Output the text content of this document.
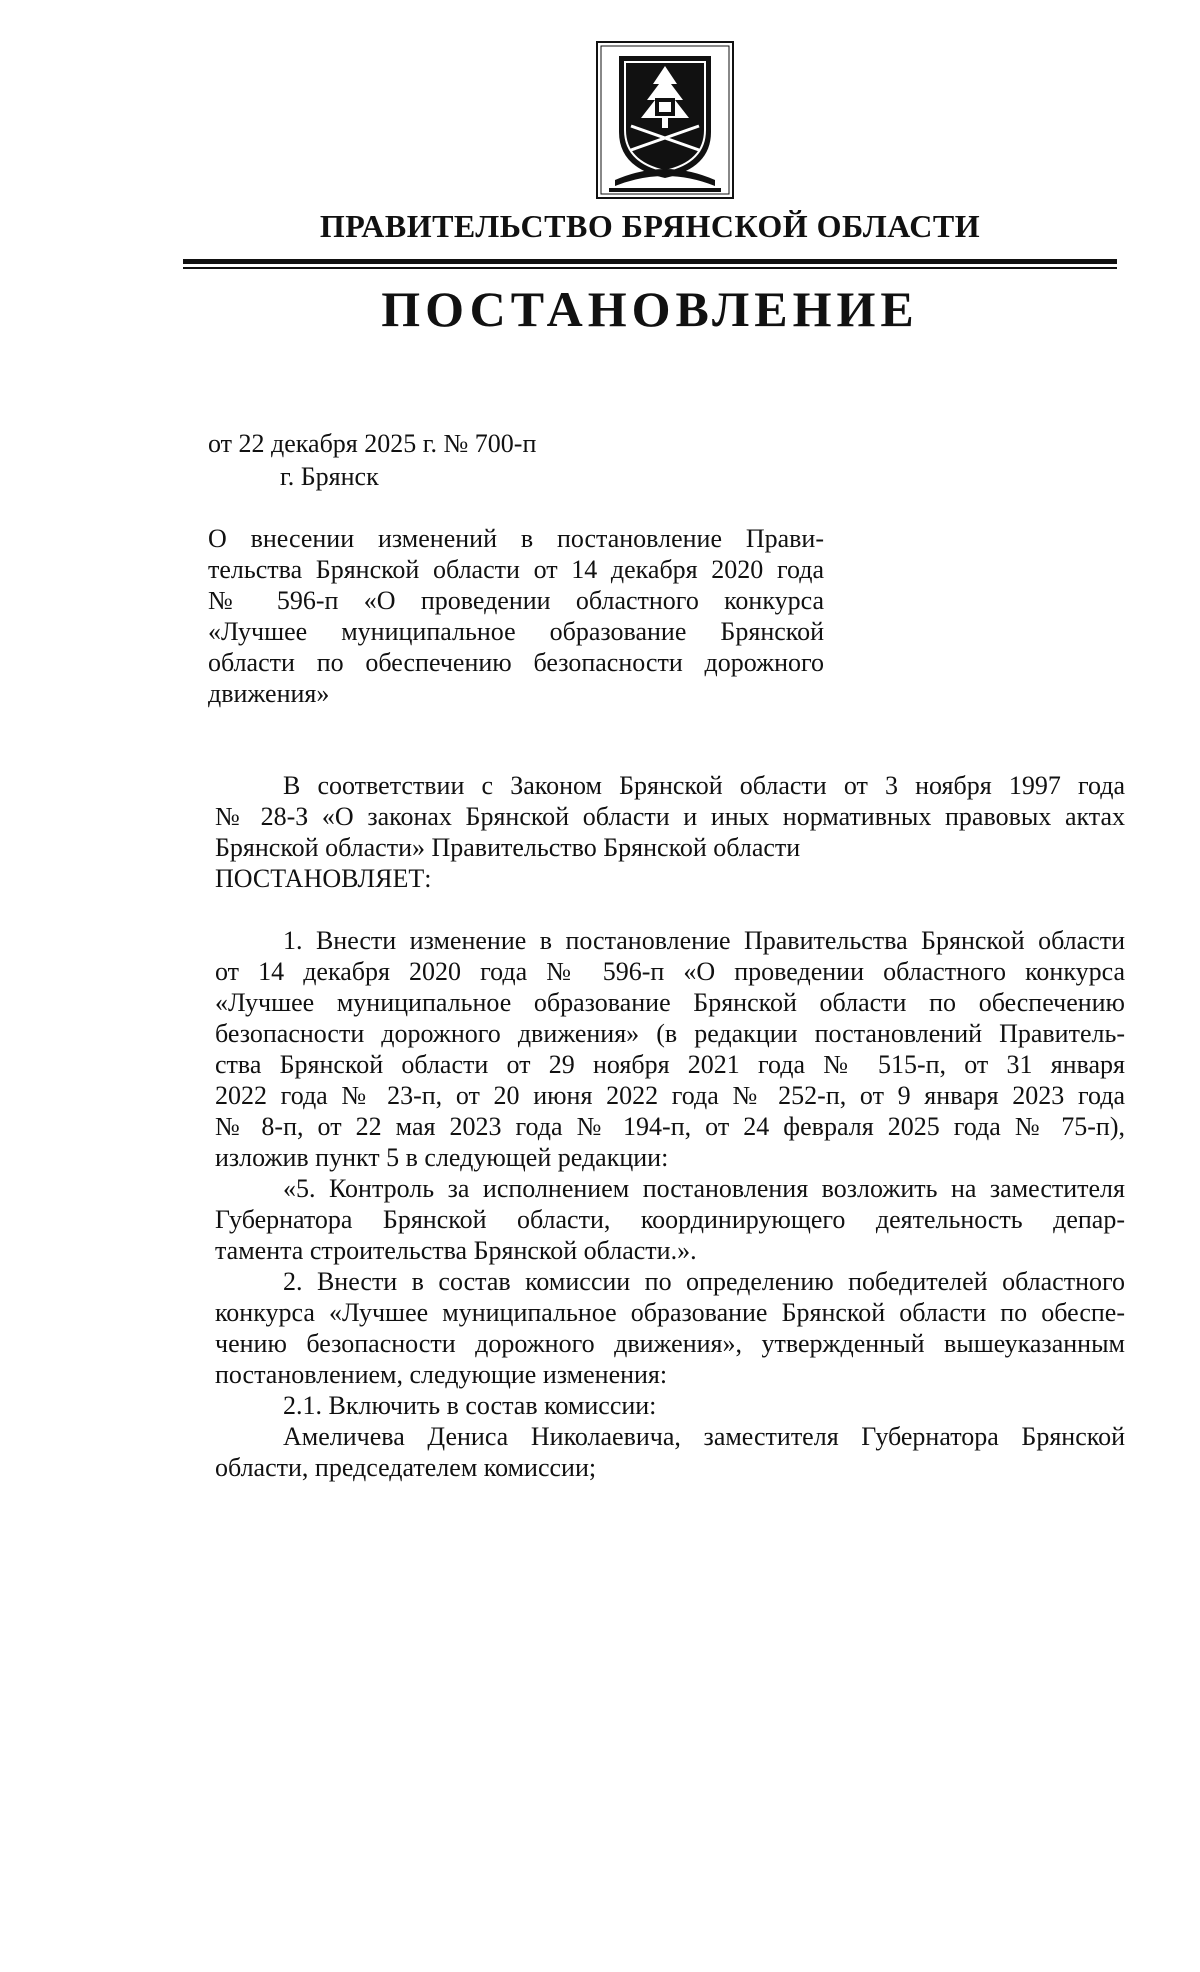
ПРАВИТЕЛЬСТВО БРЯНСКОЙ ОБЛАСТИ
ПОСТАНОВЛЕНИЕ
от 22 декабря 2025 г. № 700-п
г. Брянск
О внесении изменений в постановление Прави-
тельства Брянской области от 14 декабря 2020 года
№ 596-п «О проведении областного конкурса
«Лучшее муниципальное образование Брянской
области по обеспечению безопасности дорожного
движения»
В соответствии с Законом Брянской области от 3 ноября 1997 года
№ 28-З «О законах Брянской области и иных нормативных правовых актах
Брянской области» Правительство Брянской области
ПОСТАНОВЛЯЕТ:
1. Внести изменение в постановление Правительства Брянской области
от 14 декабря 2020 года № 596-п «О проведении областного конкурса
«Лучшее муниципальное образование Брянской области по обеспечению
безопасности дорожного движения» (в редакции постановлений Правитель-
ства Брянской области от 29 ноября 2021 года № 515-п, от 31 января
2022 года № 23-п, от 20 июня 2022 года № 252-п, от 9 января 2023 года
№ 8-п, от 22 мая 2023 года № 194-п, от 24 февраля 2025 года № 75-п),
изложив пункт 5 в следующей редакции:
«5. Контроль за исполнением постановления возложить на заместителя
Губернатора Брянской области, координирующего деятельность депар-
тамента строительства Брянской области.».
2. Внести в состав комиссии по определению победителей областного
конкурса «Лучшее муниципальное образование Брянской области по обеспе-
чению безопасности дорожного движения», утвержденный вышеуказанным
постановлением, следующие изменения:
2.1. Включить в состав комиссии:
Амеличева Дениса Николаевича, заместителя Губернатора Брянской
области, председателем комиссии;
